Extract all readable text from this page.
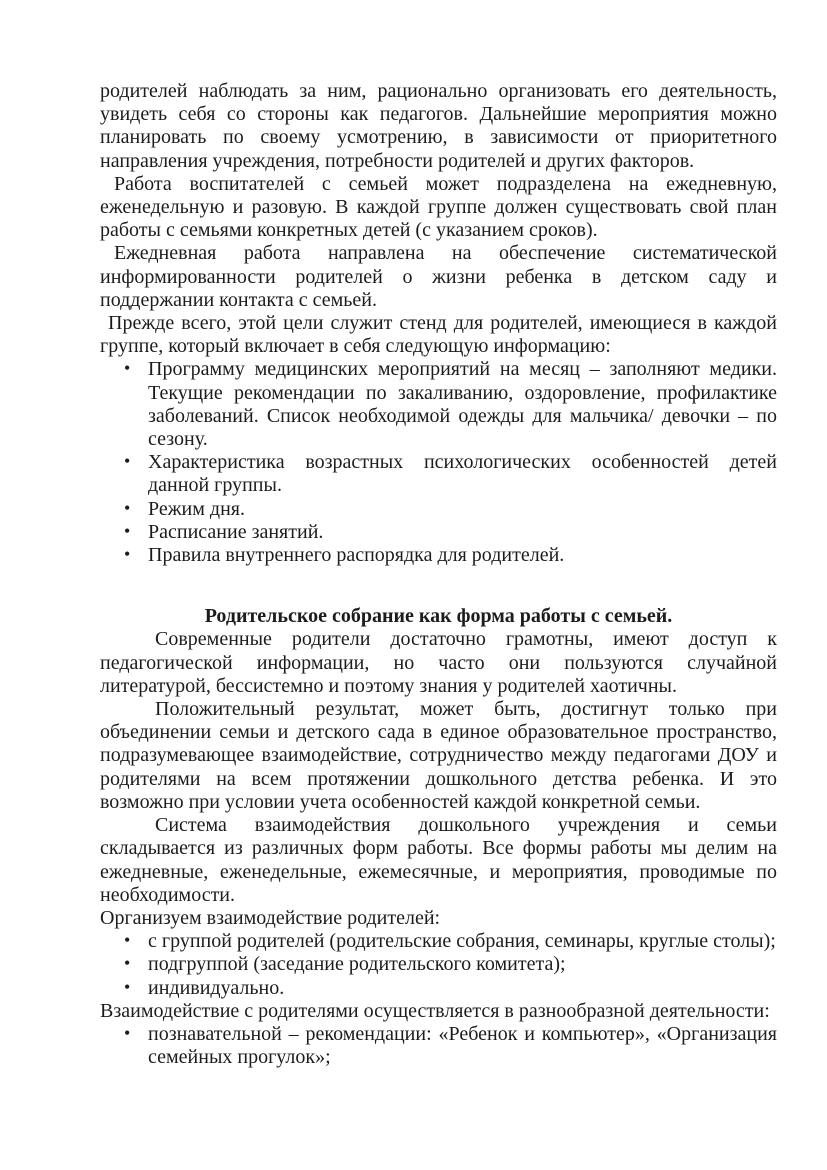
родителей наблюдать за ним, рационально организовать его деятельность, увидеть себя со стороны как педагогов. Дальнейшие мероприятия можно планировать по своему усмотрению, в зависимости от приоритетного направления учреждения, потребности родителей и других факторов.

Работа воспитателей с семьей может подразделена на ежедневную, еженедельную и разовую. В каждой группе должен существовать свой план работы с семьями конкретных детей (с указанием сроков).

Ежедневная работа направлена на обеспечение систематической информированности родителей о жизни ребенка в детском саду и поддержании контакта с семьей.

Прежде всего, этой цели служит стенд для родителей, имеющиеся в каждой группе, который включает в себя следующую информацию:

• Программу медицинских мероприятий на месяц – заполняют медики. Текущие рекомендации по закаливанию, оздоровление, профилактике заболеваний. Список необходимой одежды для мальчика/ девочки – по сезону.
• Характеристика возрастных психологических особенностей детей данной группы.
• Режим дня.
• Расписание занятий.
• Правила внутреннего распорядка для родителей.
Родительское собрание как форма работы с семьей.

Современные родители достаточно грамотны, имеют доступ к педагогической информации, но часто они пользуются случайной литературой, бессистемно и поэтому знания у родителей хаотичны.

Положительный результат, может быть, достигнут только при объединении семьи и детского сада в единое образовательное пространство, подразумевающее взаимодействие, сотрудничество между педагогами ДОУ и родителями на всем протяжении дошкольного детства ребенка. И это возможно при условии учета особенностей каждой конкретной семьи.

Система взаимодействия дошкольного учреждения и семьи складывается из различных форм работы. Все формы работы мы делим на ежедневные, еженедельные, ежемесячные, и мероприятия, проводимые по необходимости.

Организуем взаимодействие родителей:

• с группой родителей (родительские собрания, семинары, круглые столы);
• подгруппой (заседание родительского комитета);
• индивидуально.

Взаимодействие с родителями осуществляется в разнообразной деятельности:

• познавательной – рекомендации: «Ребенок и компьютер», «Организация семейных прогулок»;
